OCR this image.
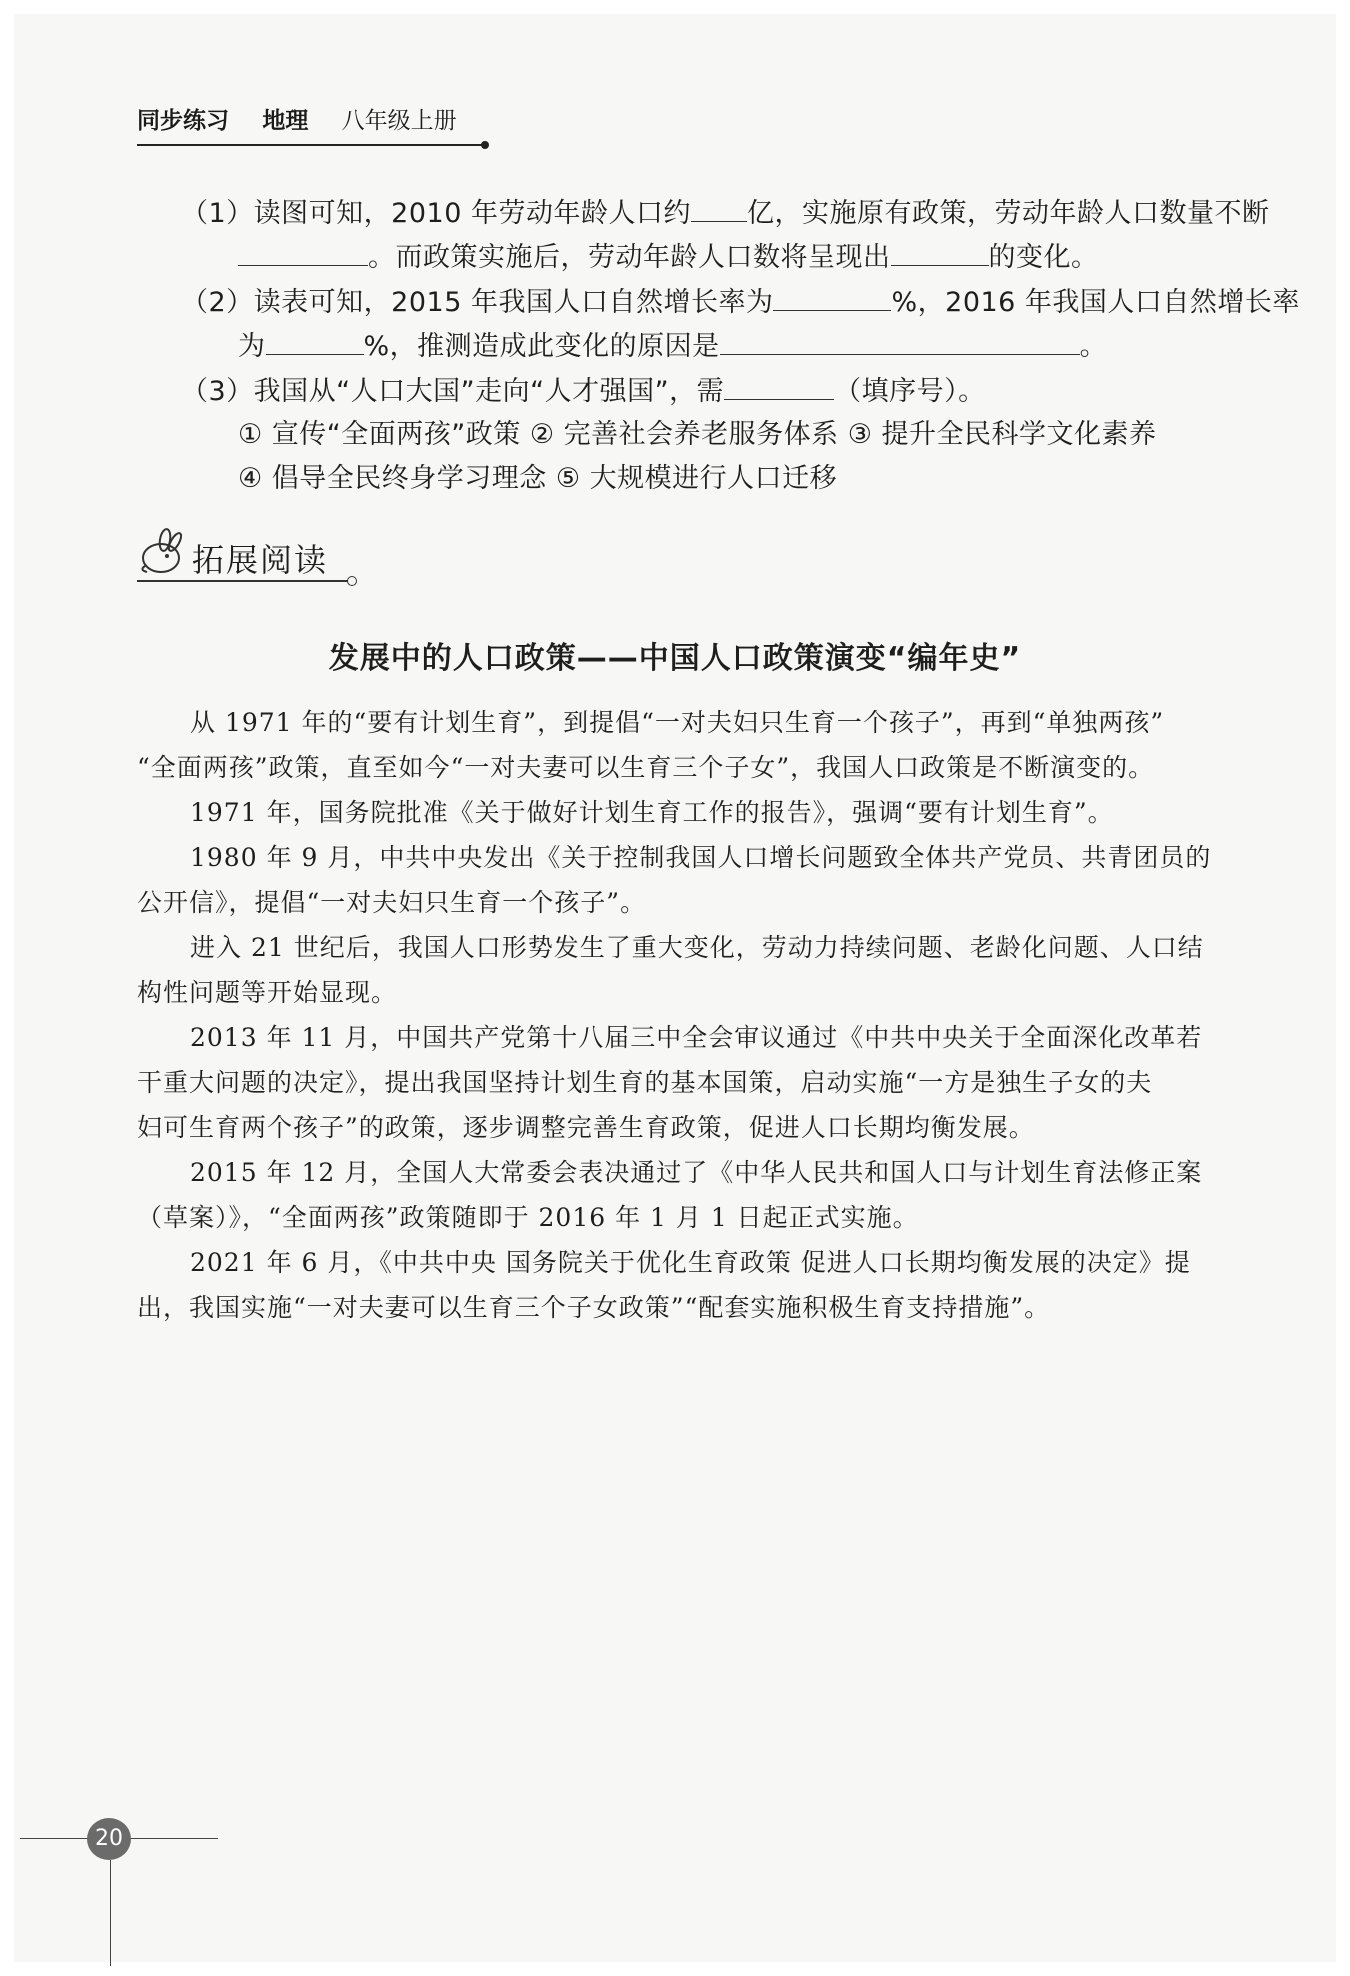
同步练习 地理 八年级上册
（1）读图可知，2010 年劳动年龄人口约 亿，实施原有政策，劳动年龄人口数量不断
。而政策实施后，劳动年龄人口数将呈现出	的变化。
（2）读表可知，2015 年我国人口自然增长率为	%，2016 年我国人口自然增长率
为	%，推测造成此变化的原因是	。
（3）我国从“人口大国”走向“人才强国”，需	（填序号）。
① 宣传“全面两孩”政策 ② 完善社会养老服务体系 ③ 提升全民科学文化素养
④ 倡导全民终身学习理念 ⑤ 大规模进行人口迁移
拓展阅读
发展中的人口政策——中国人口政策演变“编年史”
从 1971 年的“要有计划生育”，到提倡“一对夫妇只生育一个孩子”，再到“单独两孩”
“全面两孩”政策，直至如今“一对夫妻可以生育三个子女”，我国人口政策是不断演变的。
1971 年，国务院批准《关于做好计划生育工作的报告》，强调“要有计划生育”。
1980 年 9 月，中共中央发出《关于控制我国人口增长问题致全体共产党员、共青团员的
公开信》，提倡“一对夫妇只生育一个孩子”。
进入 21 世纪后，我国人口形势发生了重大变化，劳动力持续问题、老龄化问题、人口结
构性问题等开始显现。
2013 年 11 月，中国共产党第十八届三中全会审议通过《中共中央关于全面深化改革若
干重大问题的决定》，提出我国坚持计划生育的基本国策，启动实施“一方是独生子女的夫
妇可生育两个孩子”的政策，逐步调整完善生育政策，促进人口长期均衡发展。
2015 年 12 月，全国人大常委会表决通过了《中华人民共和国人口与计划生育法修正案
（草案）》，“全面两孩”政策随即于 2016 年 1 月 1 日起正式实施。
2021 年 6 月，《中共中央 国务院关于优化生育政策 促进人口长期均衡发展的决定》提
出，我国实施“一对夫妻可以生育三个子女政策”“配套实施积极生育支持措施”。
20
